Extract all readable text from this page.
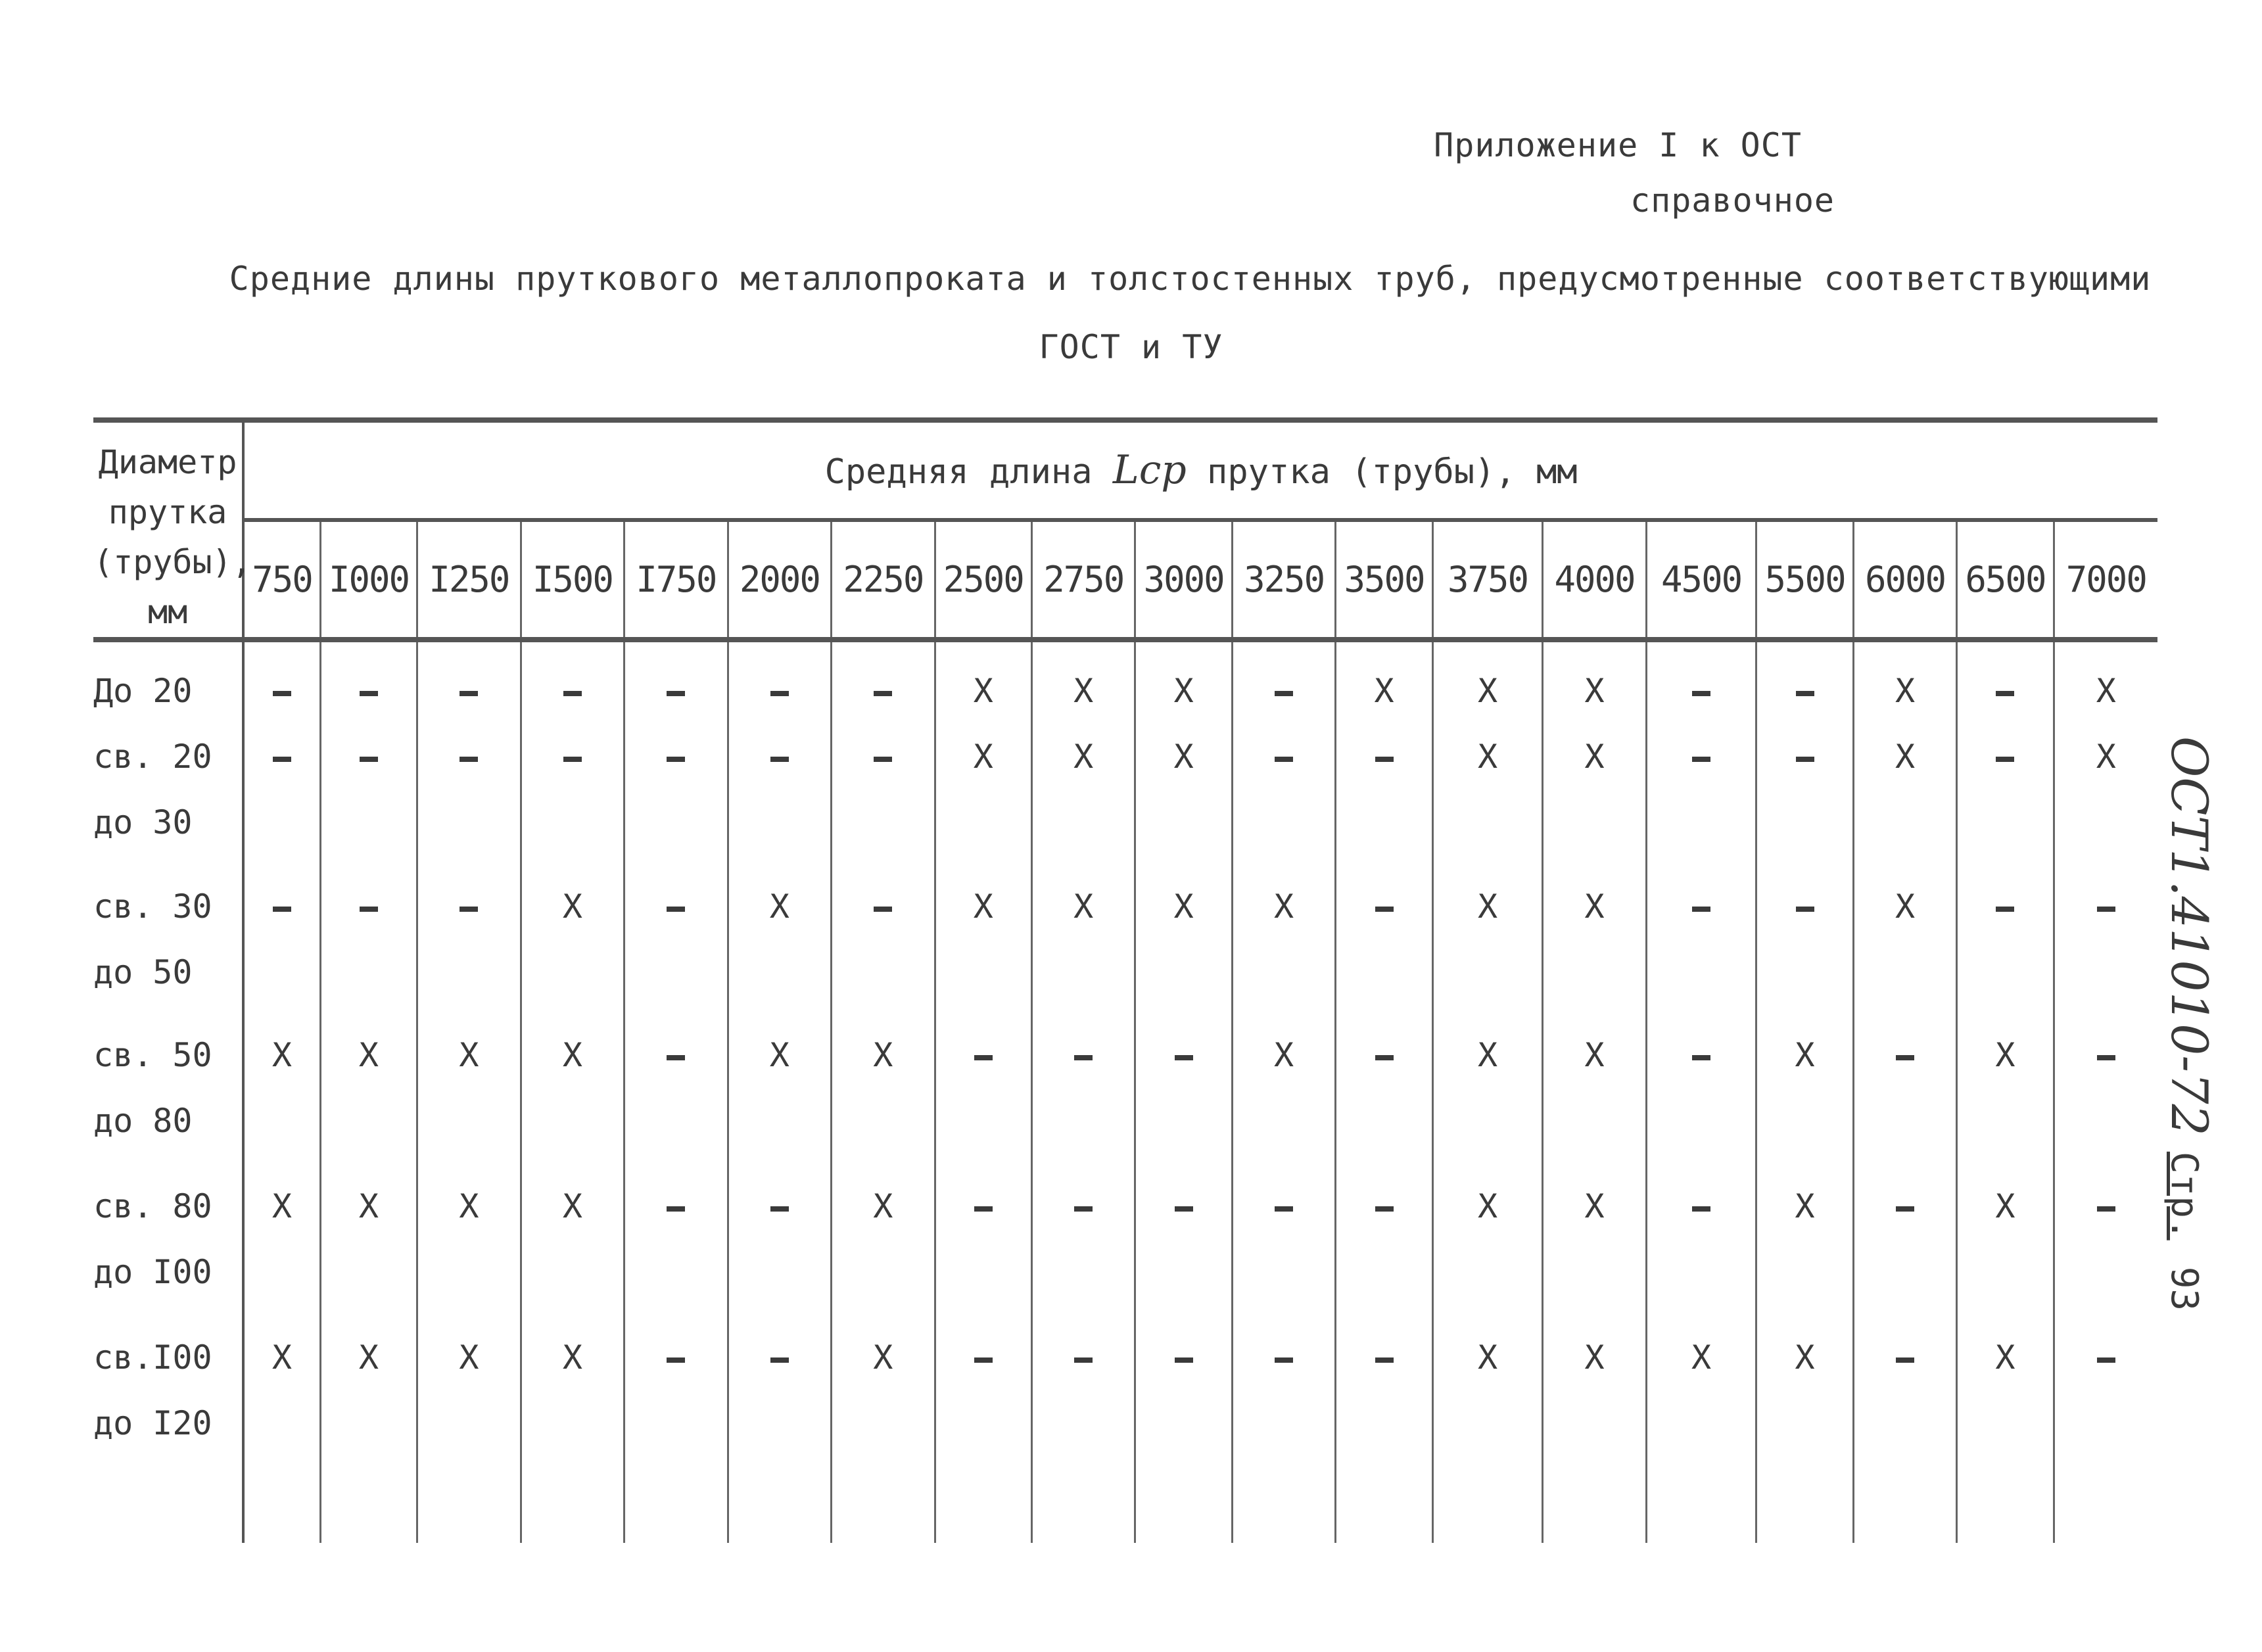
Приложение I к ОСТ
справочное
Средние длины пруткового металлопроката и толстостенных труб, предусмотренные соответствующими
ГОСТ и ТУ
Диаметр
прутка
(трубы),
мм	Средняя длина Lср прутка (трубы), мм																		
	750	I000	I250	I500	I750	2000	2250	2500	2750	3000	3250	3500	3750	4000	4500	5500	6000	6500	7000

До 20								X	X	X		X	X	X			X		X

св. 20
до 30								X	X	X			X	X			X		X

св. 30
до 50				X		X		X	X	X	X		X	X			X		

св. 50
до 80	X	X	X	X		X	X				X		X	X		X		X	

св. 80
до I00	X	X	X	X			X						X	X		X		X	

св.I00
до I20	X	X	X	X			X						X	X	X	X		X	

ОСТ1.41010-72Стр.93
